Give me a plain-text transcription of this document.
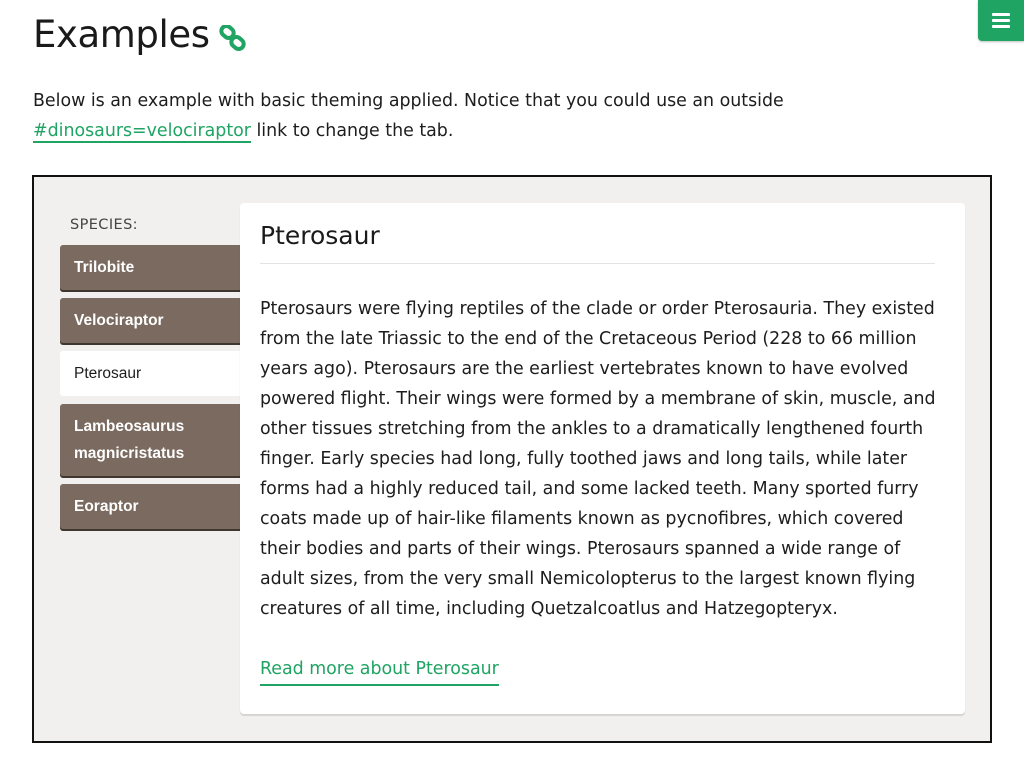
Examples

Below is an example with basic theming applied. Notice that you could use an outside #dinosaurs=velociraptor link to change the tab.

SPECIES:
Trilobite
Velociraptor
Pterosaur
Lambeosaurus magnicristatus
Eoraptor
Pterosaur

Pterosaurs were flying reptiles of the clade or order Pterosauria. They existed from the late Triassic to the end of the Cretaceous Period (228 to 66 million years ago). Pterosaurs are the earliest vertebrates known to have evolved powered flight. Their wings were formed by a membrane of skin, muscle, and other tissues stretching from the ankles to a dramatically lengthened fourth finger. Early species had long, fully toothed jaws and long tails, while later forms had a highly reduced tail, and some lacked teeth. Many sported furry coats made up of hair-like filaments known as pycnofibres, which covered their bodies and parts of their wings. Pterosaurs spanned a wide range of adult sizes, from the very small Nemicolopterus to the largest known flying creatures of all time, including Quetzalcoatlus and Hatzegopteryx.

Read more about Pterosaur
